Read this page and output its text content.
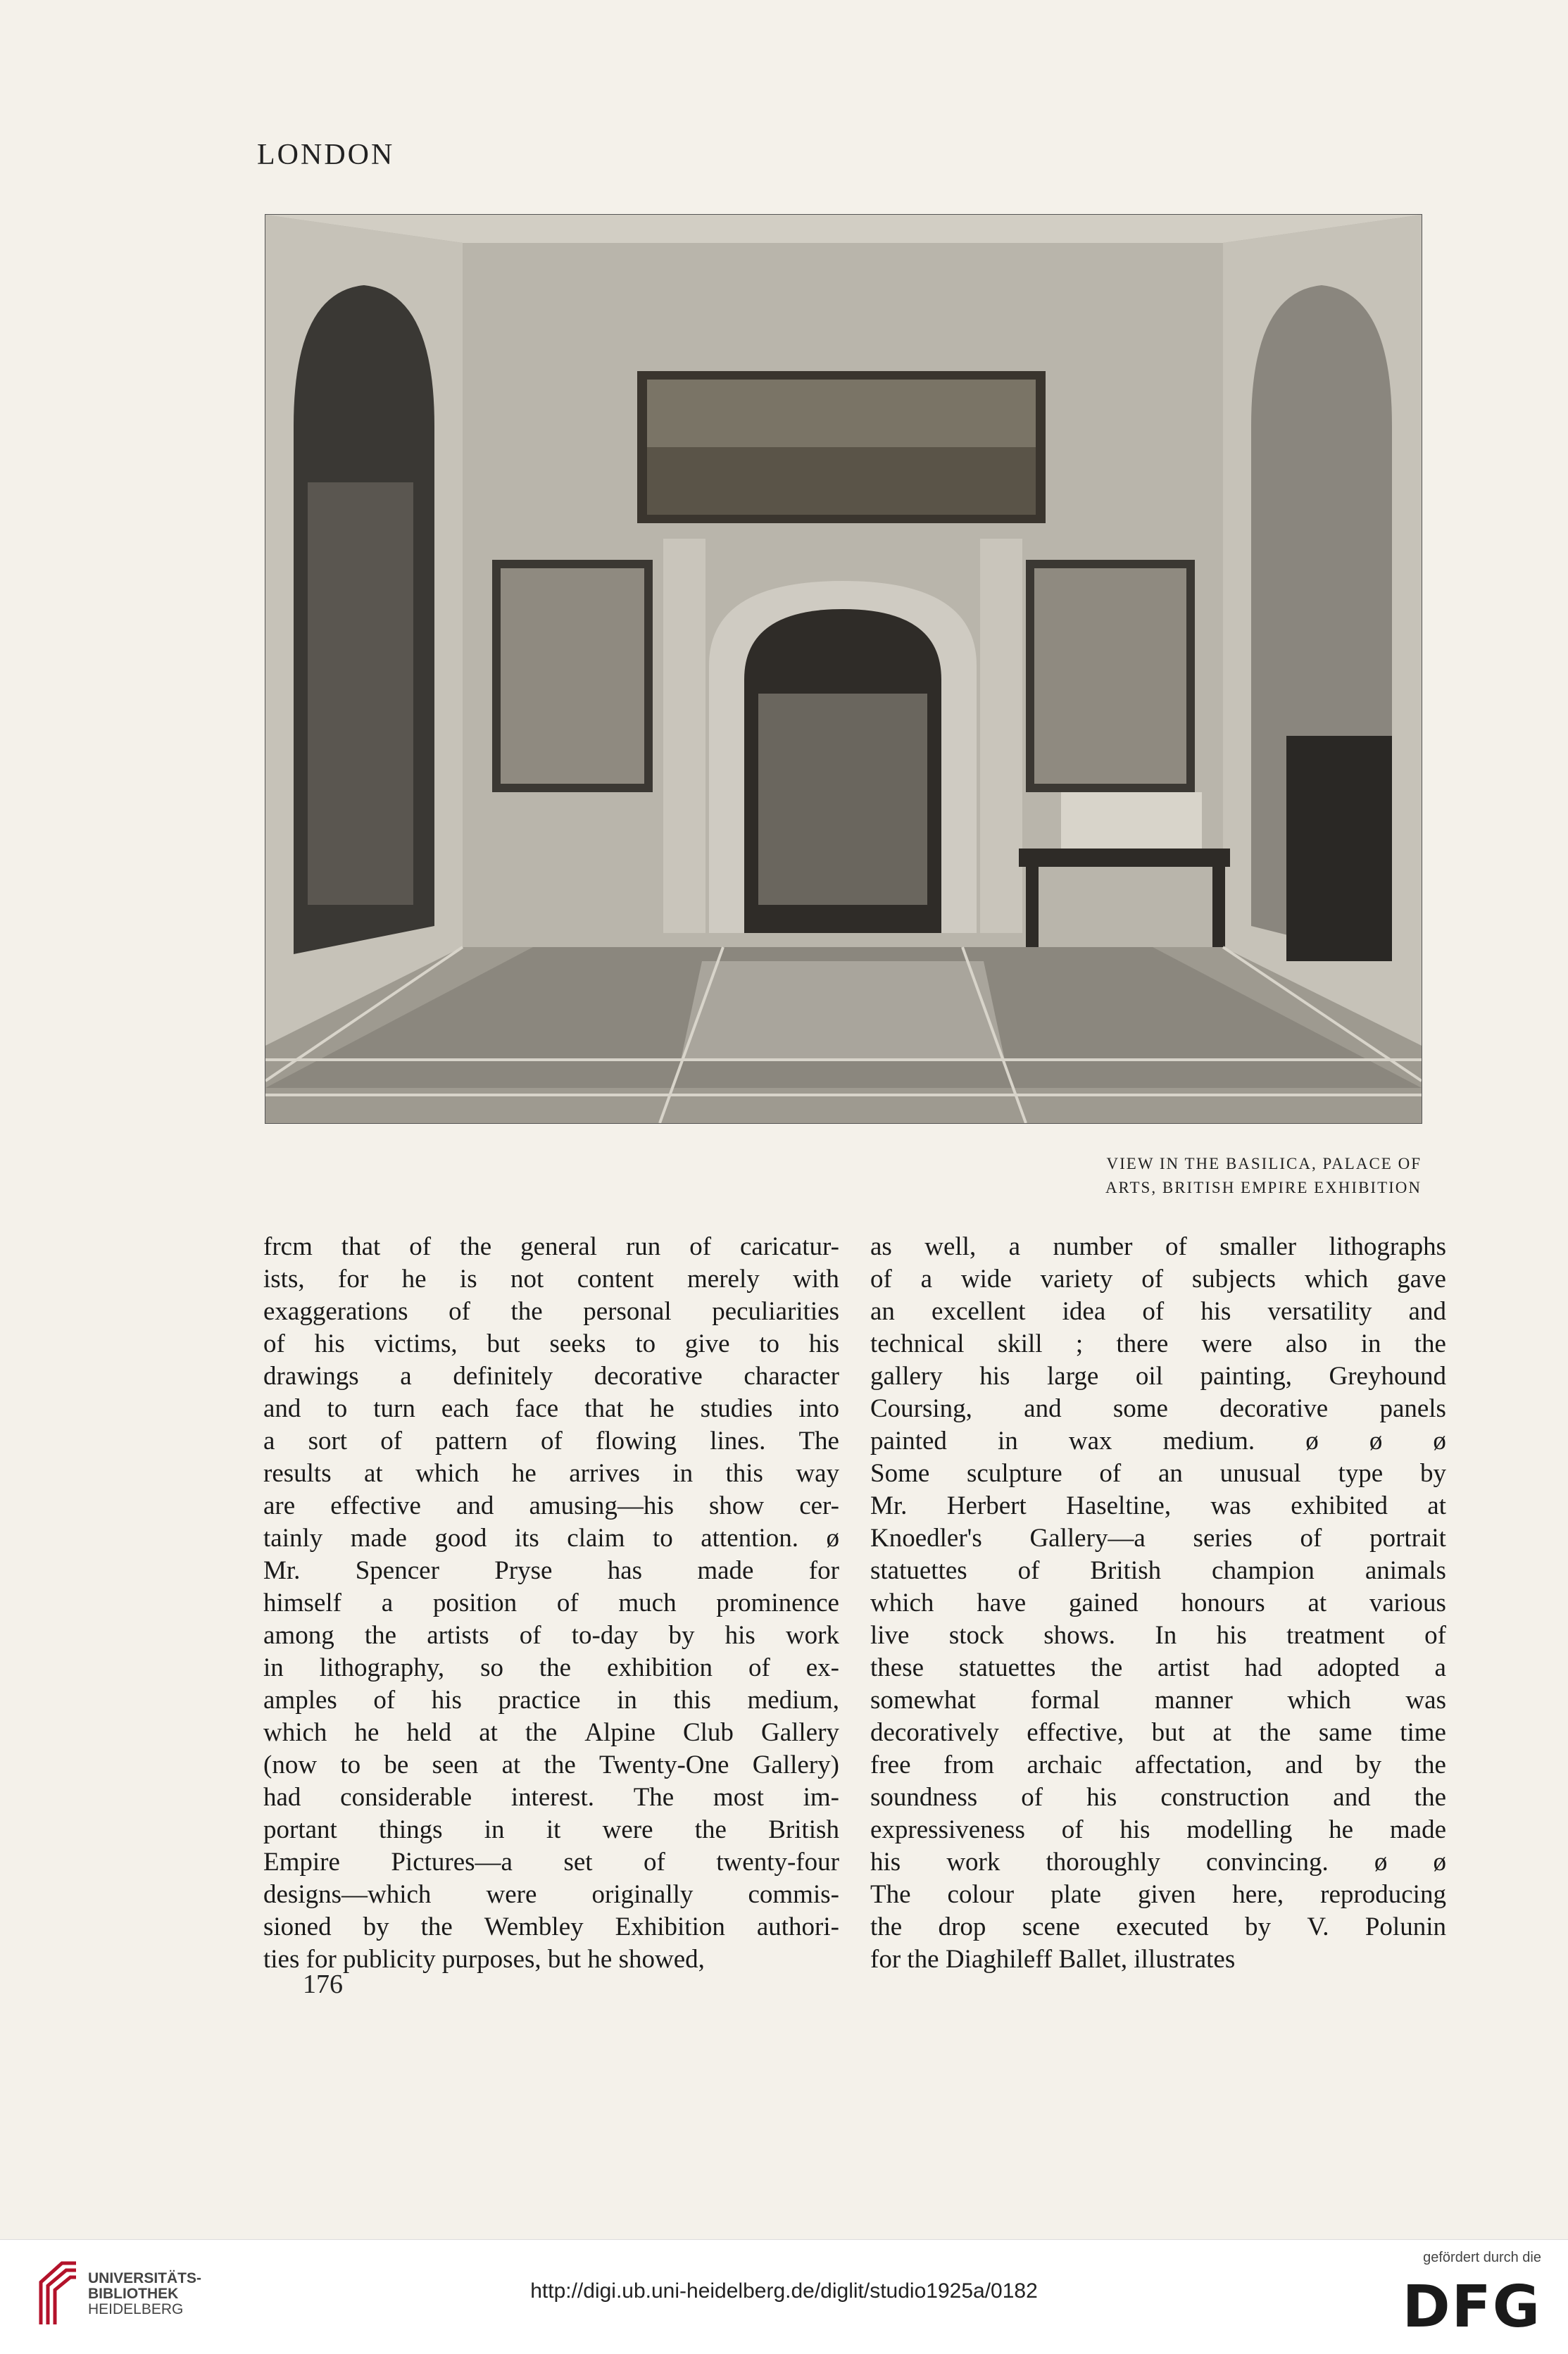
LONDON
VIEW IN THE BASILICA, PALACE OF
ARTS, BRITISH EMPIRE EXHIBITION
frcm that of the general run of caricatur-
ists, for he is not content merely with
exaggerations of the personal peculiarities
of his victims, but seeks to give to his
drawings a definitely decorative character
and to turn each face that he studies into
a sort of pattern of flowing lines. The
results at which he arrives in this way
are effective and amusing—his show cer-
tainly made good its claim to attention. ø
Mr. Spencer Pryse has made for
himself a position of much prominence
among the artists of to-day by his work
in lithography, so the exhibition of ex-
amples of his practice in this medium,
which he held at the Alpine Club Gallery
(now to be seen at the Twenty-One Gallery)
had considerable interest. The most im-
portant things in it were the British
Empire Pictures—a set of twenty-four
designs—which were originally commis-
sioned by the Wembley Exhibition authori-
ties for publicity purposes, but he showed,
as well, a number of smaller lithographs
of a wide variety of subjects which gave
an excellent idea of his versatility and
technical skill ; there were also in the
gallery his large oil painting, Greyhound
Coursing, and some decorative panels
painted in wax medium. ø ø ø
Some sculpture of an unusual type by
Mr. Herbert Haseltine, was exhibited at
Knoedler's Gallery—a series of portrait
statuettes of British champion animals
which have gained honours at various
live stock shows. In his treatment of
these statuettes the artist had adopted a
somewhat formal manner which was
decoratively effective, but at the same time
free from archaic affectation, and by the
soundness of his construction and the
expressiveness of his modelling he made
his work thoroughly convincing. ø ø
The colour plate given here, reproducing
the drop scene executed by V. Polunin
for the Diaghileff Ballet, illustrates
176
UNIVERSITÄTS-
BIBLIOTHEK
HEIDELBERG
http://digi.ub.uni-heidelberg.de/diglit/studio1925a/0182
gefördert durch die
DFG
